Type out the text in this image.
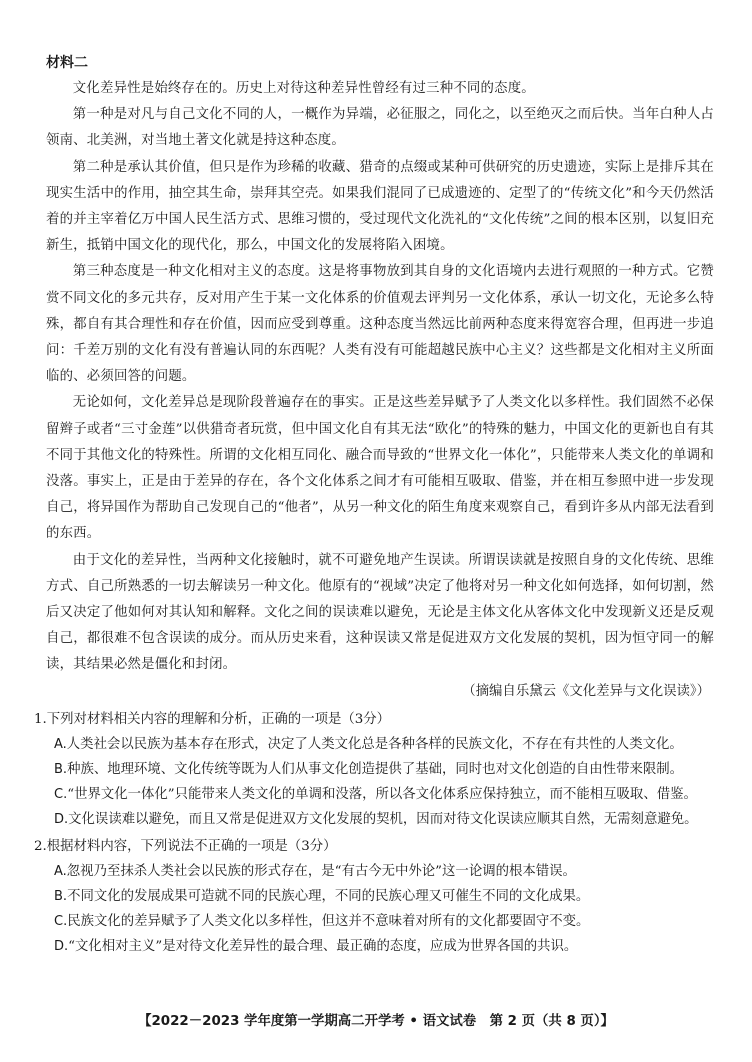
材料二

文化差异性是始终存在的。历史上对待这种差异性曾经有过三种不同的态度。

第一种是对凡与自己文化不同的人，一概作为异端，必征服之，同化之，以至绝灭之而后快。当年白种人占领南、北美洲，对当地土著文化就是持这种态度。

第二种是承认其价值，但只是作为珍稀的收藏、猎奇的点缀或某种可供研究的历史遗迹，实际上是排斥其在现实生活中的作用，抽空其生命，崇拜其空壳。如果我们混同了已成遗迹的、定型了的“传统文化”和今天仍然活着的并主宰着亿万中国人民生活方式、思维习惯的，受过现代文化洗礼的“文化传统”之间的根本区别，以复旧充新生，抵销中国文化的现代化，那么，中国文化的发展将陷入困境。

第三种态度是一种文化相对主义的态度。这是将事物放到其自身的文化语境内去进行观照的一种方式。它赞赏不同文化的多元共存，反对用产生于某一文化体系的价值观去评判另一文化体系，承认一切文化，无论多么特殊，都自有其合理性和存在价值，因而应受到尊重。这种态度当然远比前两种态度来得宽容合理，但再进一步追问：千差万别的文化有没有普遍认同的东西呢？人类有没有可能超越民族中心主义？这些都是文化相对主义所面临的、必须回答的问题。

无论如何，文化差异总是现阶段普遍存在的事实。正是这些差异赋予了人类文化以多样性。我们固然不必保留辫子或者“三寸金莲”以供猎奇者玩赏，但中国文化自有其无法“欧化”的特殊的魅力，中国文化的更新也自有其不同于其他文化的特殊性。所谓的文化相互同化、融合而导致的“世界文化一体化”，只能带来人类文化的单调和没落。事实上，正是由于差异的存在，各个文化体系之间才有可能相互吸取、借鉴，并在相互参照中进一步发现自己，将异国作为帮助自己发现自己的“他者”，从另一种文化的陌生角度来观察自己，看到许多从内部无法看到的东西。

由于文化的差异性，当两种文化接触时，就不可避免地产生误读。所谓误读就是按照自身的文化传统、思维方式、自己所熟悉的一切去解读另一种文化。他原有的“视域”决定了他将对另一种文化如何选择，如何切割，然后又决定了他如何对其认知和解释。文化之间的误读难以避免，无论是主体文化从客体文化中发现新义还是反观自己，都很难不包含误读的成分。而从历史来看，这种误读又常是促进双方文化发展的契机，因为恒守同一的解读，其结果必然是僵化和封闭。

（摘编自乐黛云《文化差异与文化误读》）

1.下列对材料相关内容的理解和分析，正确的一项是（3分）

A.人类社会以民族为基本存在形式，决定了人类文化总是各种各样的民族文化，不存在有共性的人类文化。

B.种族、地理环境、文化传统等既为人们从事文化创造提供了基础，同时也对文化创造的自由性带来限制。

C.“世界文化一体化”只能带来人类文化的单调和没落，所以各文化体系应保持独立，而不能相互吸取、借鉴。

D.文化误读难以避免，而且又常是促进双方文化发展的契机，因而对待文化误读应顺其自然，无需刻意避免。

2.根据材料内容，下列说法不正确的一项是（3分）

A.忽视乃至抹杀人类社会以民族的形式存在，是“有古今无中外论”这一论调的根本错误。

B.不同文化的发展成果可造就不同的民族心理，不同的民族心理又可催生不同的文化成果。

C.民族文化的差异赋予了人类文化以多样性，但这并不意味着对所有的文化都要固守不变。

D.“文化相对主义”是对待文化差异性的最合理、最正确的态度，应成为世界各国的共识。

【2022－2023 学年度第一学期高二开学考 • 语文试卷　第 2 页（共 8 页）】
